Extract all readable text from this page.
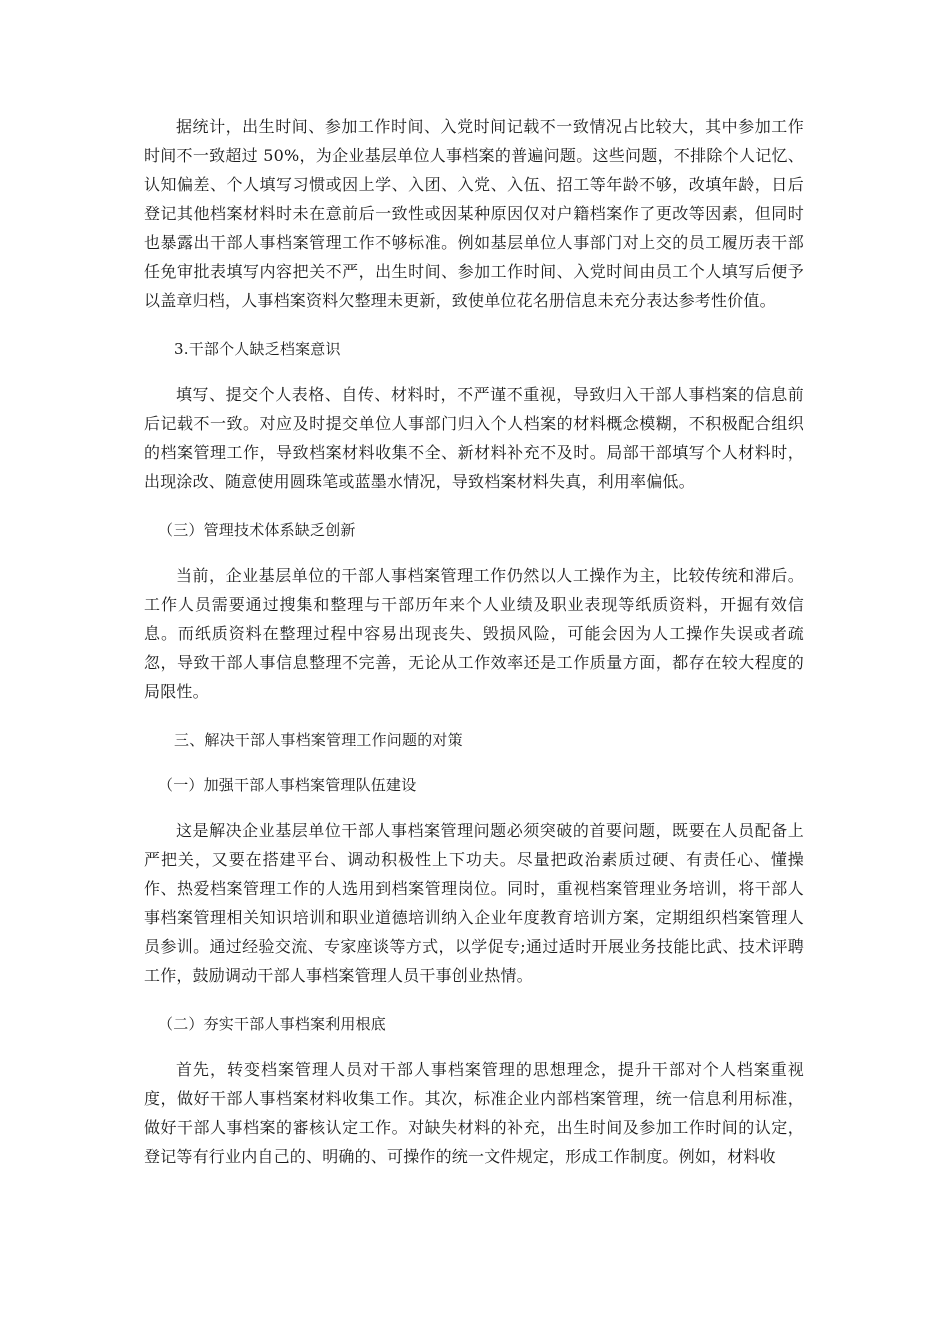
据统计，出生时间、参加工作时间、入党时间记载不一致情况占比较大，其中参加工作时间不一致超过 50%，为企业基层单位人事档案的普遍问题。这些问题，不排除个人记忆、认知偏差、个人填写习惯或因上学、入团、入党、入伍、招工等年龄不够，改填年龄，日后登记其他档案材料时未在意前后一致性或因某种原因仅对户籍档案作了更改等因素，但同时也暴露出干部人事档案管理工作不够标准。例如基层单位人事部门对上交的员工履历表干部任免审批表填写内容把关不严，出生时间、参加工作时间、入党时间由员工个人填写后便予以盖章归档，人事档案资料欠整理未更新，致使单位花名册信息未充分表达参考性价值。

3.干部个人缺乏档案意识

填写、提交个人表格、自传、材料时，不严谨不重视，导致归入干部人事档案的信息前后记载不一致。对应及时提交单位人事部门归入个人档案的材料概念模糊，不积极配合组织的档案管理工作，导致档案材料收集不全、新材料补充不及时。局部干部填写个人材料时，出现涂改、随意使用圆珠笔或蓝墨水情况，导致档案材料失真，利用率偏低。

（三）管理技术体系缺乏创新

当前，企业基层单位的干部人事档案管理工作仍然以人工操作为主，比较传统和滞后。工作人员需要通过搜集和整理与干部历年来个人业绩及职业表现等纸质资料，开掘有效信息。而纸质资料在整理过程中容易出现丧失、毁损风险，可能会因为人工操作失误或者疏忽，导致干部人事信息整理不完善，无论从工作效率还是工作质量方面，都存在较大程度的局限性。

三、解决干部人事档案管理工作问题的对策

（一）加强干部人事档案管理队伍建设

这是解决企业基层单位干部人事档案管理问题必须突破的首要问题，既要在人员配备上严把关，又要在搭建平台、调动积极性上下功夫。尽量把政治素质过硬、有责任心、懂操作、热爱档案管理工作的人选用到档案管理岗位。同时，重视档案管理业务培训，将干部人事档案管理相关知识培训和职业道德培训纳入企业年度教育培训方案，定期组织档案管理人员参训。通过经验交流、专家座谈等方式，以学促专;通过适时开展业务技能比武、技术评聘工作，鼓励调动干部人事档案管理人员干事创业热情。

（二）夯实干部人事档案利用根底

首先，转变档案管理人员对干部人事档案管理的思想理念，提升干部对个人档案重视度，做好干部人事档案材料收集工作。其次，标准企业内部档案管理，统一信息利用标准，做好干部人事档案的審核认定工作。对缺失材料的补充，出生时间及参加工作时间的认定，登记等有行业内自己的、明确的、可操作的统一文件规定，形成工作制度。例如，材料收
